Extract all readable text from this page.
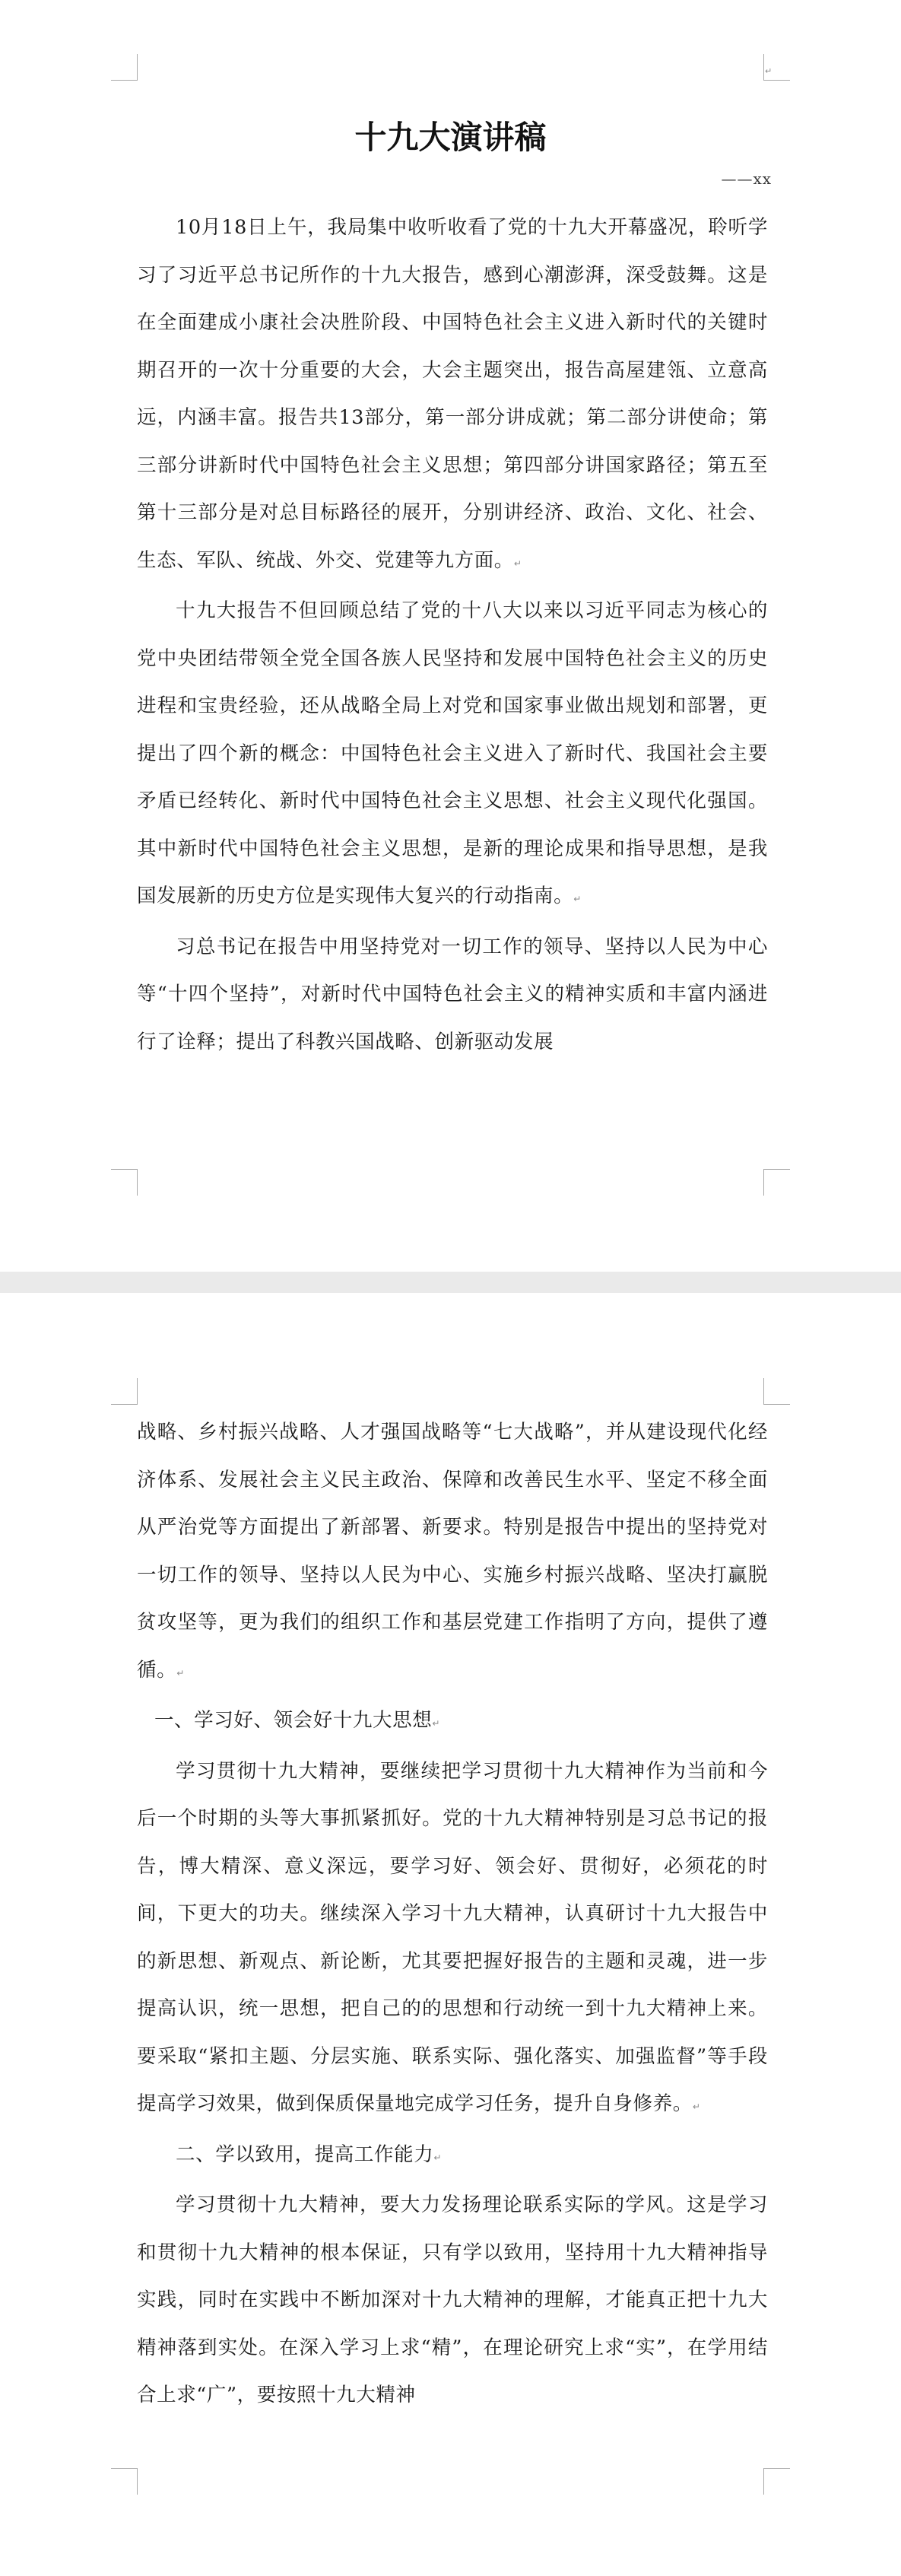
↵
十九大演讲稿
——xx

10月18日上午，我局集中收听收看了党的十九大开幕盛况，聆听学习了习近平总书记所作的十九大报告，感到心潮澎湃，深受鼓舞。这是在全面建成小康社会决胜阶段、中国特色社会主义进入新时代的关键时期召开的一次十分重要的大会，大会主题突出，报告高屋建瓴、立意高远，内涵丰富。报告共13部分，第一部分讲成就；第二部分讲使命；第三部分讲新时代中国特色社会主义思想；第四部分讲国家路径；第五至第十三部分是对总目标路径的展开，分别讲经济、政治、文化、社会、生态、军队、统战、外交、党建等九方面。↵

十九大报告不但回顾总结了党的十八大以来以习近平同志为核心的党中央团结带领全党全国各族人民坚持和发展中国特色社会主义的历史进程和宝贵经验，还从战略全局上对党和国家事业做出规划和部署，更提出了四个新的概念：中国特色社会主义进入了新时代、我国社会主要矛盾已经转化、新时代中国特色社会主义思想、社会主义现代化强国。其中新时代中国特色社会主义思想，是新的理论成果和指导思想，是我国发展新的历史方位是实现伟大复兴的行动指南。↵

习总书记在报告中用坚持党对一切工作的领导、坚持以人民为中心等“十四个坚持”，对新时代中国特色社会主义的精神实质和丰富内涵进行了诠释；提出了科教兴国战略、创新驱动发展

战略、乡村振兴战略、人才强国战略等“七大战略”，并从建设现代化经济体系、发展社会主义民主政治、保障和改善民生水平、坚定不移全面从严治党等方面提出了新部署、新要求。特别是报告中提出的坚持党对一切工作的领导、坚持以人民为中心、实施乡村振兴战略、坚决打赢脱贫攻坚等，更为我们的组织工作和基层党建工作指明了方向，提供了遵循。↵

一、学习好、领会好十九大思想↵

学习贯彻十九大精神，要继续把学习贯彻十九大精神作为当前和今后一个时期的头等大事抓紧抓好。党的十九大精神特别是习总书记的报告，博大精深、意义深远，要学习好、领会好、贯彻好，必须花的时间，下更大的功夫。继续深入学习十九大精神，认真研讨十九大报告中的新思想、新观点、新论断，尤其要把握好报告的主题和灵魂，进一步提高认识，统一思想，把自己的的思想和行动统一到十九大精神上来。要采取“紧扣主题、分层实施、联系实际、强化落实、加强监督”等手段提高学习效果，做到保质保量地完成学习任务，提升自身修养。↵

二、学以致用，提高工作能力↵

学习贯彻十九大精神，要大力发扬理论联系实际的学风。这是学习和贯彻十九大精神的根本保证，只有学以致用，坚持用十九大精神指导实践，同时在实践中不断加深对十九大精神的理解，才能真正把十九大精神落到实处。在深入学习上求“精”，在理论研究上求“实”，在学用结合上求“广”，要按照十九大精神
